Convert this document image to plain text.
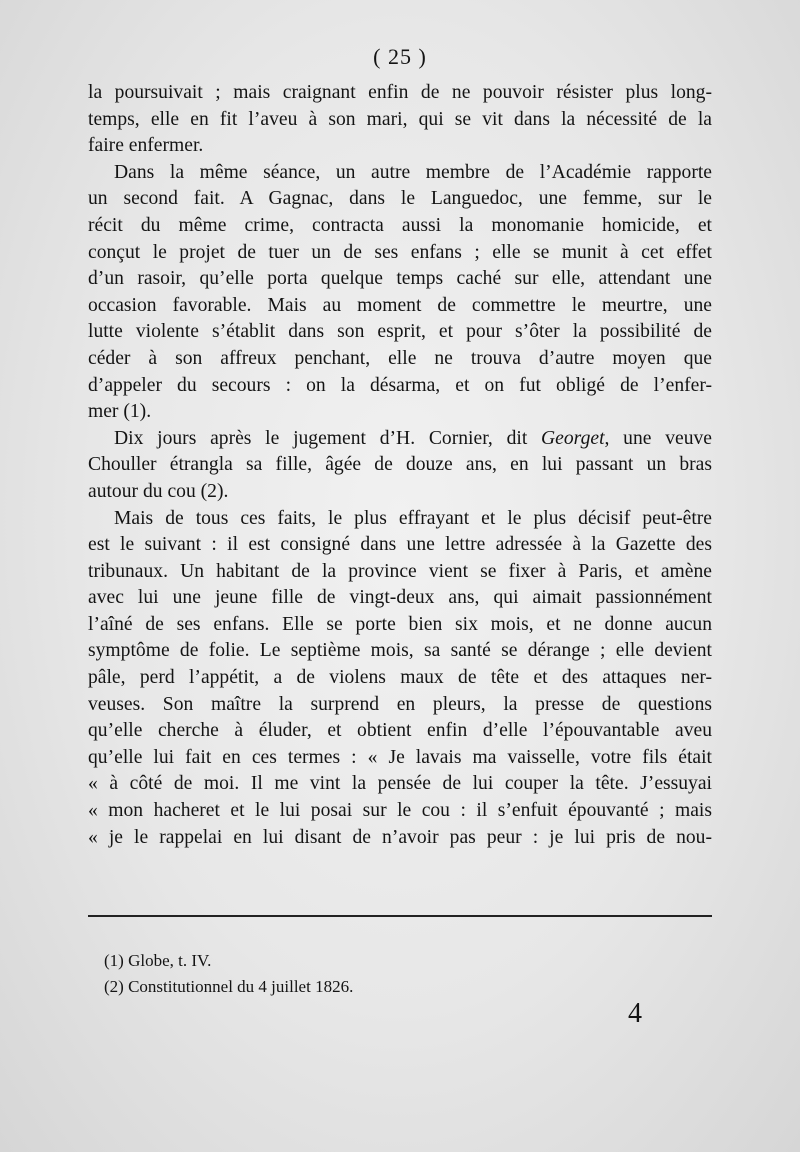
( 25 )
la poursuivait ; mais craignant enfin de ne pouvoir résister plus long-
temps, elle en fit l’aveu à son mari, qui se vit dans la nécessité de la
faire enfermer.
Dans la même séance, un autre membre de l’Académie rapporte
un second fait. A Gagnac, dans le Languedoc, une femme, sur le
récit du même crime, contracta aussi la monomanie homicide, et
conçut le projet de tuer un de ses enfans ; elle se munit à cet effet
d’un rasoir, qu’elle porta quelque temps caché sur elle, attendant une
occasion favorable. Mais au moment de commettre le meurtre, une
lutte violente s’établit dans son esprit, et pour s’ôter la possibilité de
céder à son affreux penchant, elle ne trouva d’autre moyen que
d’appeler du secours : on la désarma, et on fut obligé de l’enfer-
mer (1).
Dix jours après le jugement d’H. Cornier, dit Georget, une veuve
Chouller étrangla sa fille, âgée de douze ans, en lui passant un bras
autour du cou (2).
Mais de tous ces faits, le plus effrayant et le plus décisif peut-être
est le suivant : il est consigné dans une lettre adressée à la Gazette des
tribunaux. Un habitant de la province vient se fixer à Paris, et amène
avec lui une jeune fille de vingt-deux ans, qui aimait passionnément
l’aîné de ses enfans. Elle se porte bien six mois, et ne donne aucun
symptôme de folie. Le septième mois, sa santé se dérange ; elle devient
pâle, perd l’appétit, a de violens maux de tête et des attaques ner-
veuses. Son maître la surprend en pleurs, la presse de questions
qu’elle cherche à éluder, et obtient enfin d’elle l’épouvantable aveu
qu’elle lui fait en ces termes : « Je lavais ma vaisselle, votre fils était
« à côté de moi. Il me vint la pensée de lui couper la tête. J’essuyai
« mon hacheret et le lui posai sur le cou : il s’enfuit épouvanté ; mais
« je le rappelai en lui disant de n’avoir pas peur : je lui pris de nou-
(1) Globe, t. IV.
(2) Constitutionnel du 4 juillet 1826.
4
